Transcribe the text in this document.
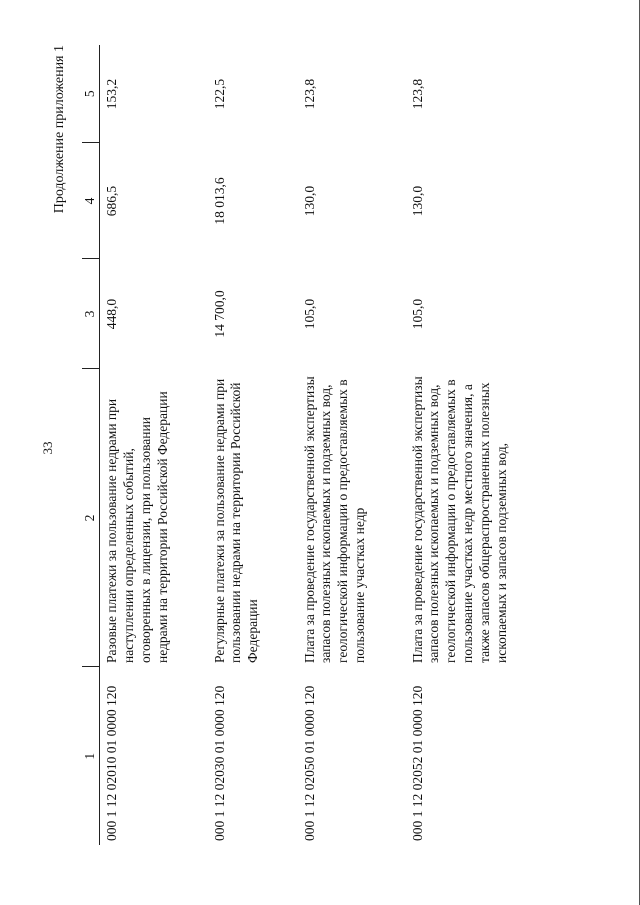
33
Продолжение приложения 1
1	2	3	4	5
000 1 12 02010 01 0000 120	Разовые платежи за пользование недрами при наступлении определенных событий, оговоренных в лицензии, при пользовании недрами на территории Российской Федерации	448,0	686,5	153,2
000 1 12 02030 01 0000 120	Регулярные платежи за пользование недрами при пользовании недрами на территории Российской Федерации	14 700,0	18 013,6	122,5
000 1 12 02050 01 0000 120	Плата за проведение государственной экспертизы запасов полезных ископаемых и подземных вод, геологической информации о предоставляемых в пользование участках недр	105,0	130,0	123,8
000 1 12 02052 01 0000 120	Плата за проведение государственной экспертизы запасов полезных ископаемых и подземных вод, геологической информации о предоставляемых в пользование участках недр местного значения, а также запасов общераспространенных полезных ископаемых и запасов подземных вод,	105,0	130,0	123,8
